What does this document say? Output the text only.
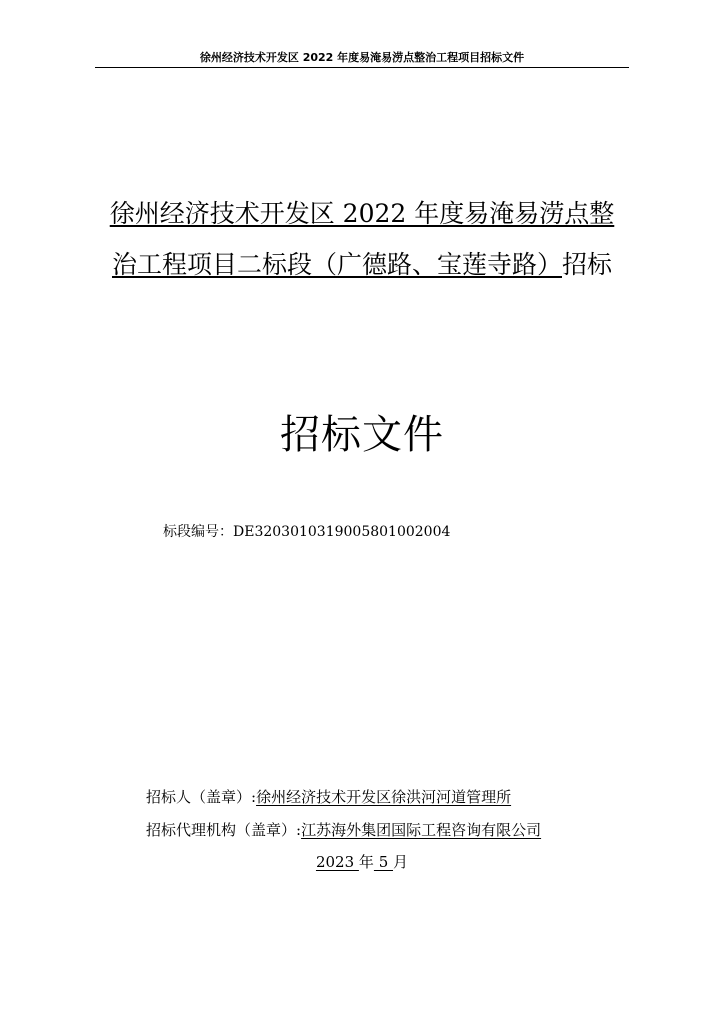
徐州经济技术开发区 2022 年度易淹易涝点整治工程项目招标文件
徐州经济技术开发区 2022 年度易淹易涝点整
治工程项目二标段（广德路、宝莲寺路）招标
招标文件
标段编号：DE3203010319005801002004
招标人（盖章）:徐州经济技术开发区徐洪河河道管理所
招标代理机构（盖章）:江苏海外集团国际工程咨询有限公司
2023 年 5 月
